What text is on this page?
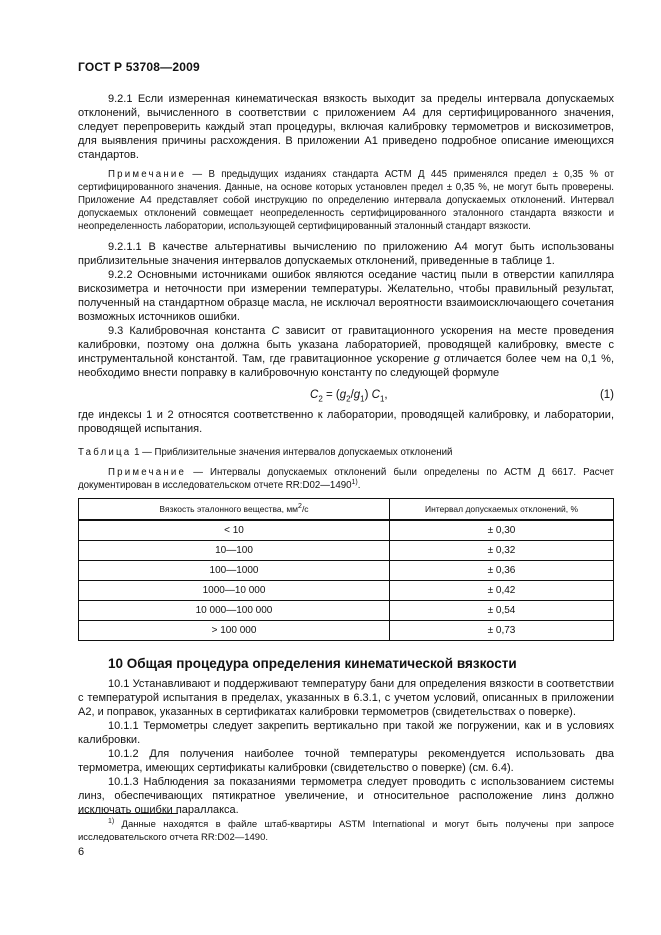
ГОСТ Р 53708—2009

9.2.1 Если измеренная кинематическая вязкость выходит за пределы интервала допускаемых отклонений, вычисленного в соответствии с приложением А4 для сертифицированного значения, следует перепроверить каждый этап процедуры, включая калибровку термометров и вискозиметров, для выявления причины расхождения. В приложении А1 приведено подробное описание имеющихся стандартов.

Примечание — В предыдущих изданиях стандарта АСТМ Д 445 применялся предел ± 0,35 % от сертифицированного значения. Данные, на основе которых установлен предел ± 0,35 %, не могут быть проверены. Приложение А4 представляет собой инструкцию по определению интервала допускаемых отклонений. Интервал допускаемых отклонений совмещает неопределенность сертифицированного эталонного стандарта вязкости и неопределенность лаборатории, использующей сертифицированный эталонный стандарт вязкости.

9.2.1.1 В качестве альтернативы вычислению по приложению А4 могут быть использованы приблизительные значения интервалов допускаемых отклонений, приведенные в таблице 1.

9.2.2 Основными источниками ошибок являются оседание частиц пыли в отверстии капилляра вискозиметра и неточности при измерении температуры. Желательно, чтобы правильный результат, полученный на стандартном образце масла, не исключал вероятности взаимоисключающего сочетания возможных источников ошибки.

9.3 Калибровочная константа С зависит от гравитационного ускорения на месте проведения калибровки, поэтому она должна быть указана лабораторией, проводящей калибровку, вместе с инструментальной константой. Там, где гравитационное ускорение g отличается более чем на 0,1 %, необходимо внести поправку в калибровочную константу по следующей формуле

$C_2 = (g_2/g_1)$ $C_1$,	(1)

где индексы 1 и 2 относятся соответственно к лаборатории, проводящей калибровку, и лаборатории, проводящей испытания.

Таблица 1 — Приблизительные значения интервалов допускаемых отклонений

Примечание — Интервалы допускаемых отклонений были определены по АСТМ Д 6617. Расчет документирован в исследовательском отчете RR:D02—1490$^{1)}$.

Вязкость эталонного вещества, $мм^2/с$	Интервал допускаемых отклонений, %
< 10	± 0,30
10—100	± 0,32
100—1000	± 0,36
1000—10 000	± 0,42
10 000—100 000	± 0,54
> 100 000	± 0,73
10 Общая процедура определения кинематической вязкости

10.1 Устанавливают и поддерживают температуру бани для определения вязкости в соответствии с температурой испытания в пределах, указанных в 6.3.1, с учетом условий, описанных в приложении А2, и поправок, указанных в сертификатах калибровки термометров (свидетельствах о поверке).

10.1.1 Термометры следует закрепить вертикально при такой же погружении, как и в условиях калибровки.

10.1.2 Для получения наиболее точной температуры рекомендуется использовать два термометра, имеющих сертификаты калибровки (свидетельство о поверке) (см. 6.4).

10.1.3 Наблюдения за показаниями термометра следует проводить с использованием системы линз, обеспечивающих пятикратное увеличение, и относительное расположение линз должно исключать ошибки параллакса.

$^{1)}$ Данные находятся в файле штаб-квартиры ASTM International и могут быть получены при запросе исследовательского отчета RR:D02—1490.

6
